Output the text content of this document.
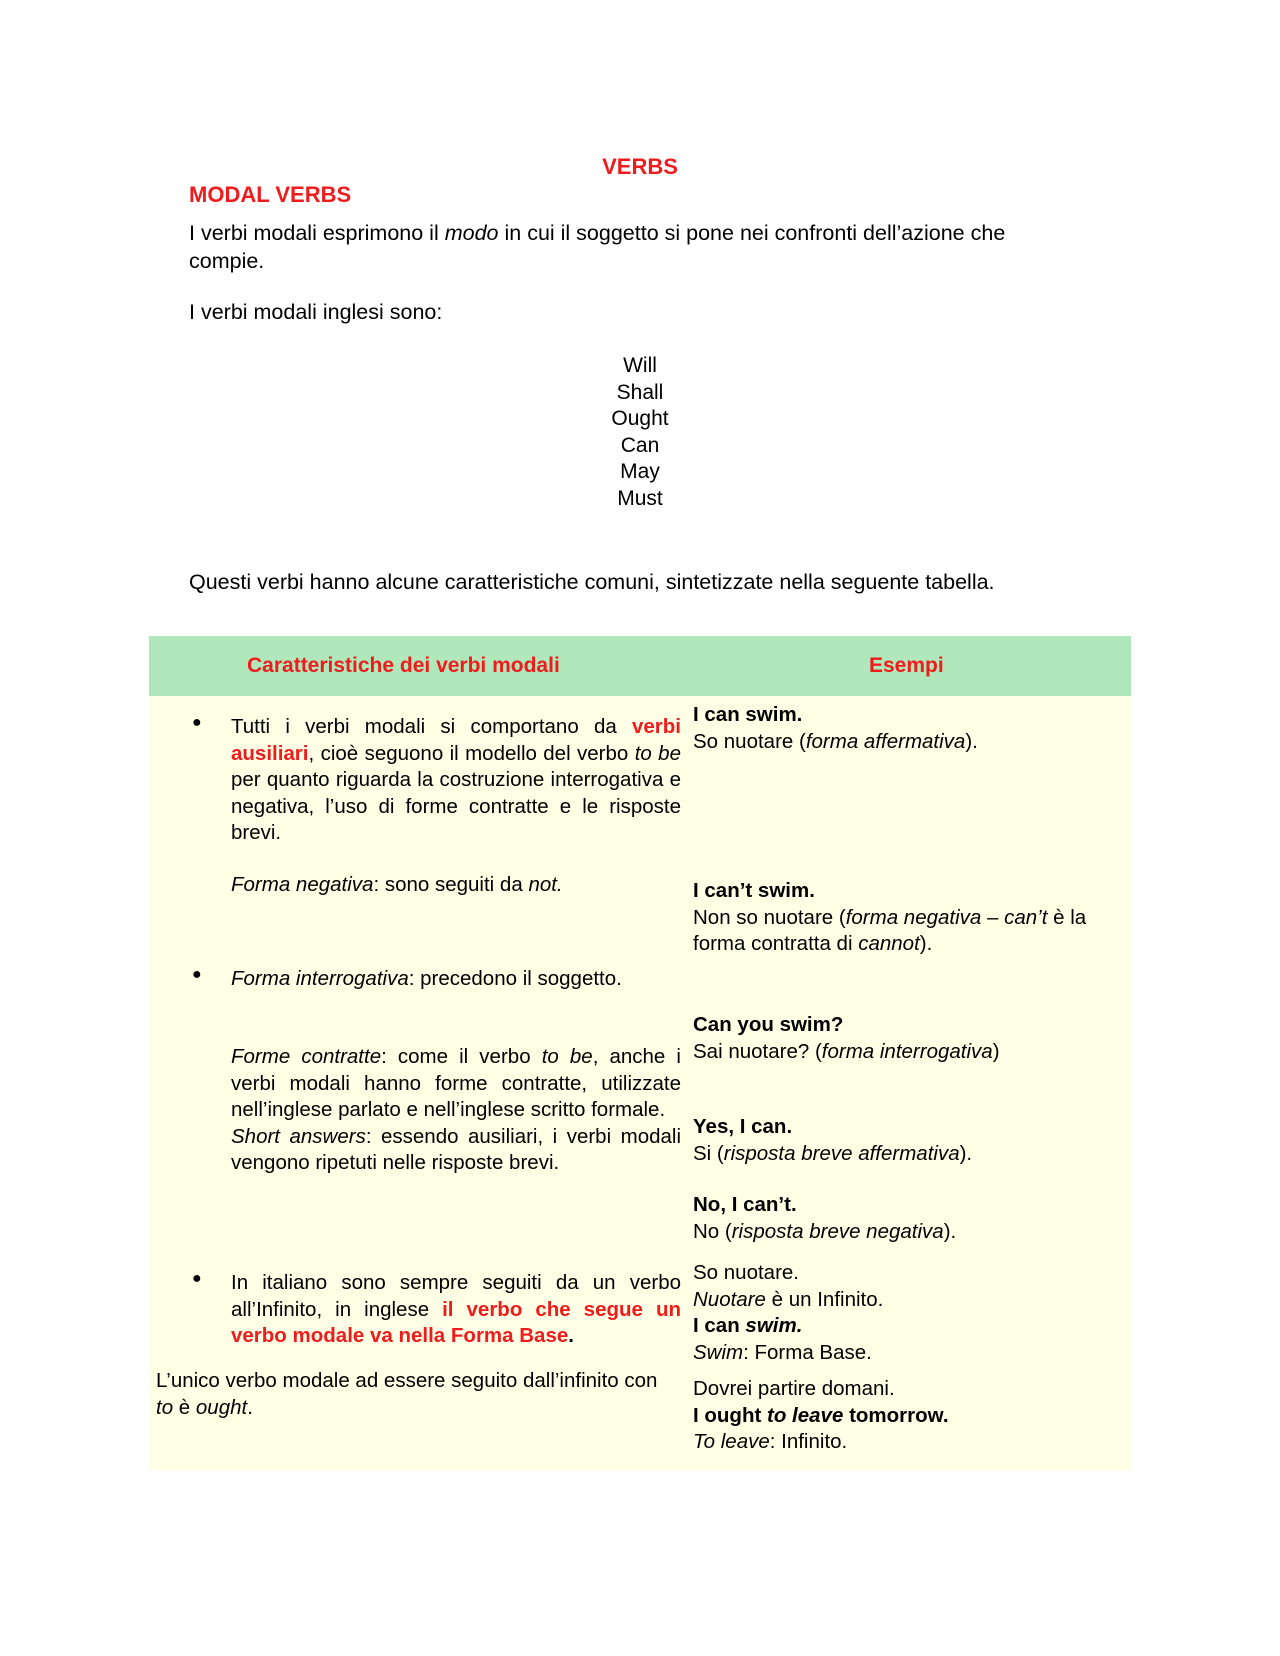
VERBS
MODAL VERBS
I verbi modali esprimono il modo in cui il soggetto si pone nei confronti dell’azione che compie.
I verbi modali inglesi sono:
Will
Shall
Ought
Can
May
Must
Questi verbi hanno alcune caratteristiche comuni, sintetizzate nella seguente tabella.
Caratteristiche dei verbi modali	Esempi
● Tutti i verbi modali si comportano da verbi ausiliari, cioè seguono il modello del verbo to be per quanto riguarda la costruzione interrogativa e negativa, l’uso di forme contratte e le risposte brevi.
Forma negativa: sono seguiti da not.
● Forma interrogativa: precedono il soggetto.
Forme contratte: come il verbo to be, anche i verbi modali hanno forme contratte, utilizzate nell’inglese parlato e nell’inglese scritto formale.
Short answers: essendo ausiliari, i verbi modali vengono ripetuti nelle risposte brevi.
● In italiano sono sempre seguiti da un verbo all’Infinito, in inglese il verbo che segue un verbo modale va nella Forma Base.
L’unico verbo modale ad essere seguito dall’infinito con to è ought.
I can swim.
So nuotare (forma affermativa).
I can’t swim.
Non so nuotare (forma negativa – can’t è la forma contratta di cannot).
Can you swim?
Sai nuotare? (forma interrogativa)
Yes, I can.
Si (risposta breve affermativa).
No, I can’t.
No (risposta breve negativa).
So nuotare.
Nuotare è un Infinito.
I can swim.
Swim: Forma Base.
Dovrei partire domani.
I ought to leave tomorrow.
To leave: Infinito.
